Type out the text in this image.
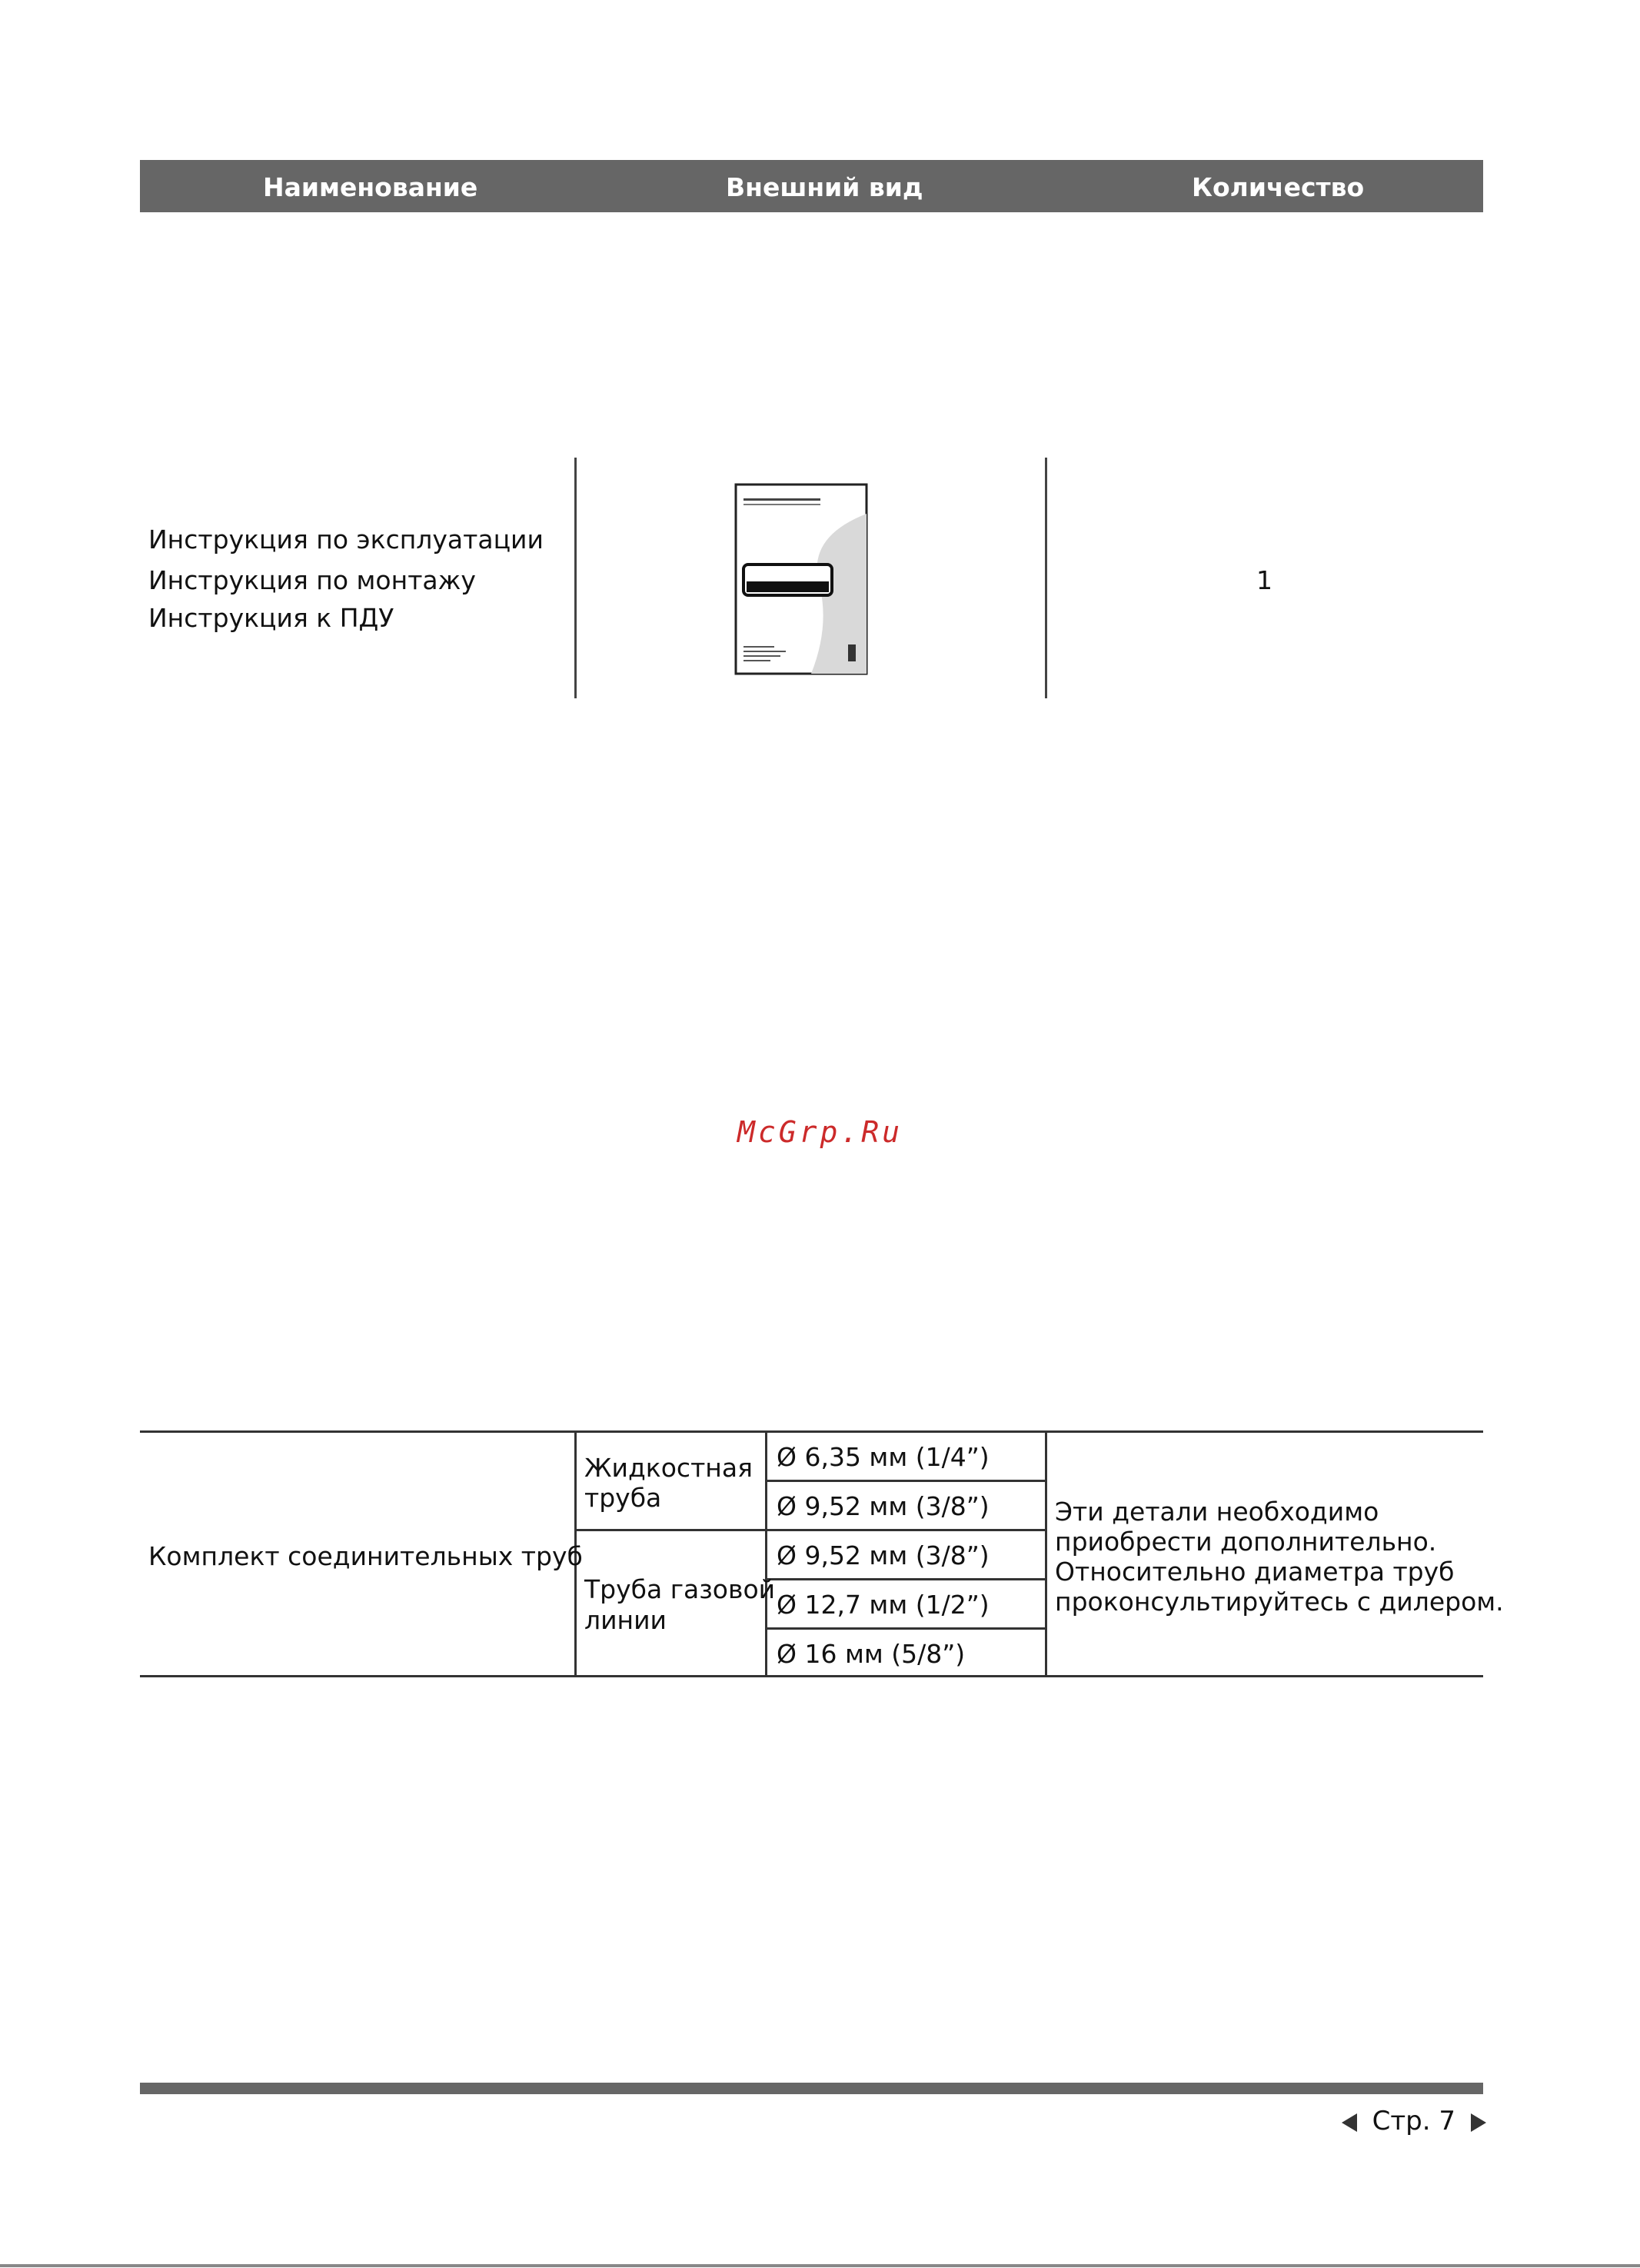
Наименование	Внешний вид	Количество
Инструкция по эксплуатации
Инструкция по монтажу
Инструкция к ПДУ
1
McGrp.Ru
Комплект соединительных труб
Жидкостная
труба
Труба газовой
линии
Ø 6,35 мм (1/4”)
Ø 9,52 мм (3/8”)
Ø 9,52 мм (3/8”)
Ø 12,7 мм (1/2”)
Ø 16 мм (5/8”)
Эти детали необходимо
приобрести дополнительно.
Относительно диаметра труб
проконсультируйтесь с дилером.
Стр. 7
